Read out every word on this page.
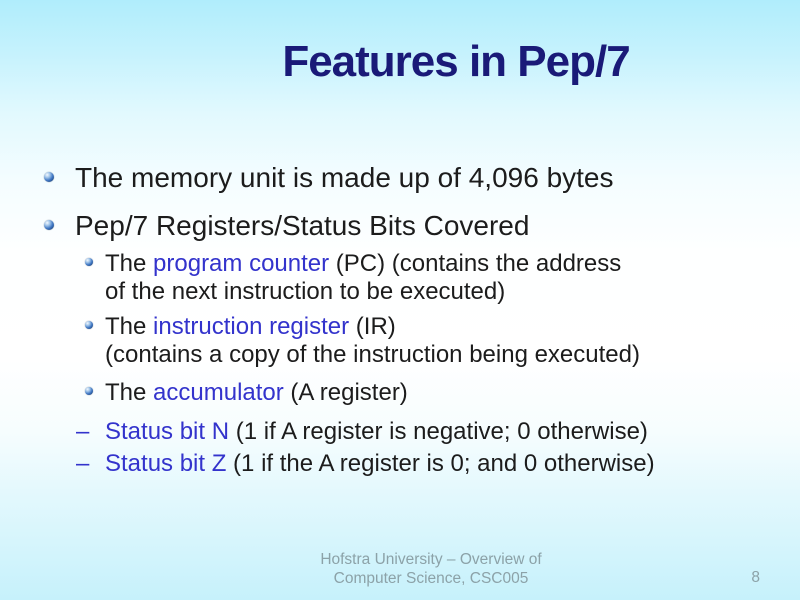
Features in Pep/7
The memory unit is made up of 4,096 bytes
Pep/7 Registers/Status Bits Covered
The program counter (PC) (contains the address
of the next instruction to be executed)
The instruction register (IR)
(contains a copy of the instruction being executed)
The accumulator (A register)
– Status bit N (1 if A register is negative; 0 otherwise)
– Status bit Z (1 if the A register is 0; and 0 otherwise)
Hofstra University – Overview of
Computer Science, CSC005	8
